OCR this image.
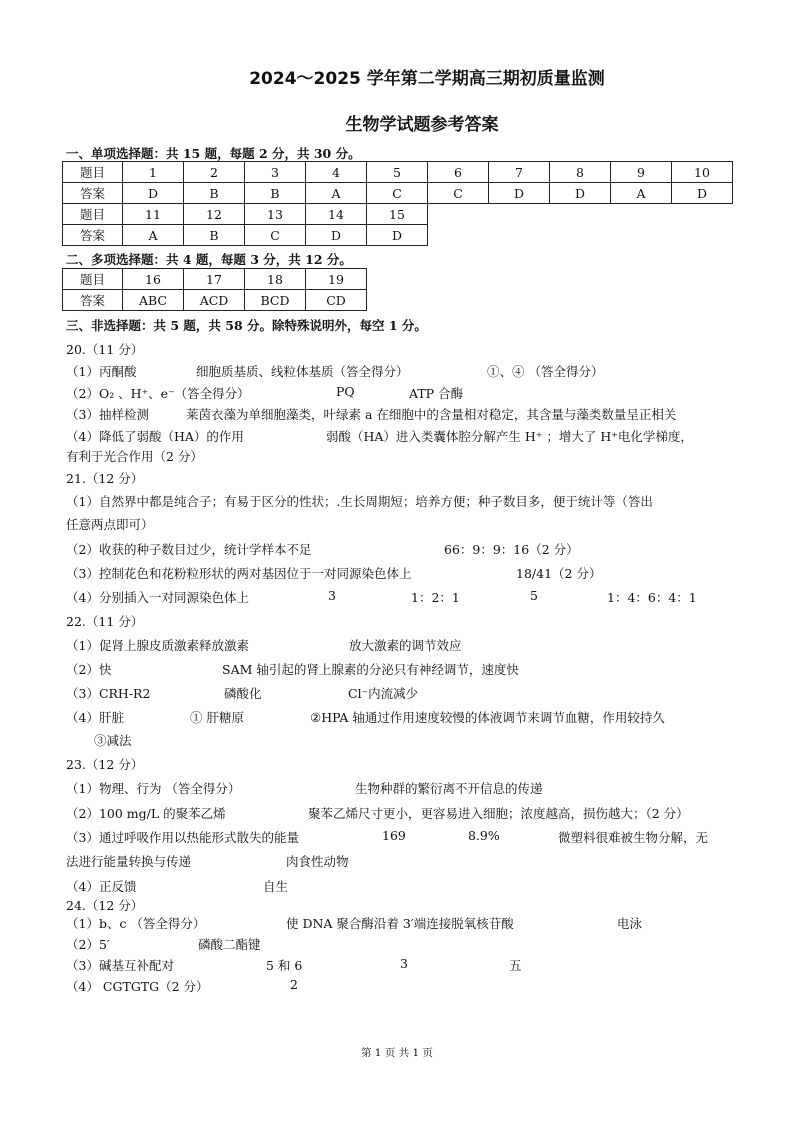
2024～2025 学年第二学期高三期初质量监测
生物学试题参考答案
一、单项选择题：共 15 题，每题 2 分，共 30 分。
题目	1	2	3	4	5	6	7	8	9	10
答案	D	B	B	A	C	C	D	D	A	D
题目	11	12	13	14	15
答案	A	B	C	D	D
二、多项选择题：共 4 题，每题 3 分，共 12 分。
题目	16	17	18	19
答案	ABC	ACD	BCD	CD
三、非选择题：共 5 题，共 58 分。除特殊说明外，每空 1 分。
20.（11 分）
（1）丙酮酸	细胞质基质、线粒体基质（答全得分）	①、④ （答全得分）
（2）O₂ 、H⁺、e⁻（答全得分）	PQ	ATP 合酶
（3）抽样检测	莱茵衣藻为单细胞藻类，叶绿素 a 在细胞中的含量相对稳定，其含量与藻类数量呈正相关
（4）降低了弱酸（HA）的作用	弱酸（HA）进入类囊体腔分解产生 H⁺ ；增大了 H⁺电化学梯度，
有利于光合作用（2 分）
21.（12 分）
（1）自然界中都是纯合子；有易于区分的性状；.生长周期短；培养方便；种子数目多，便于统计等（答出
任意两点即可）
（2）收获的种子数目过少，统计学样本不足	66：9：9：16（2 分）
（3）控制花色和花粉粒形状的两对基因位于一对同源染色体上	18/41（2 分）
（4）分别插入一对同源染色体上	3	1：2：1	5	1：4：6：4：1
22.（11 分）
（1）促肾上腺皮质激素释放激素	放大激素的调节效应
（2）快	SAM 轴引起的肾上腺素的分泌只有神经调节，速度快
（3）CRH-R2	磷酸化	Cl⁻内流减少
（4）肝脏	① 肝糖原	②HPA 轴通过作用速度较慢的体液调节来调节血糖，作用较持久
③减法
23.（12 分）
（1）物理、行为 （答全得分）	生物种群的繁衍离不开信息的传递
（2）100 mg/L 的聚苯乙烯	聚苯乙烯尺寸更小，更容易进入细胞；浓度越高，损伤越大；（2 分）
（3）通过呼吸作用以热能形式散失的能量	169	8.9%	微塑料很难被生物分解，无
法进行能量转换与传递	肉食性动物
（4）正反馈	自生
24.（12 分）
（1）b、c （答全得分）	使 DNA 聚合酶沿着 3′端连接脱氧核苷酸	电泳
（2）5′	磷酸二酯键
（3）碱基互补配对	5 和 6	3	五
（4） CGTGTG（2 分）	2
第 1 页 共 1 页
